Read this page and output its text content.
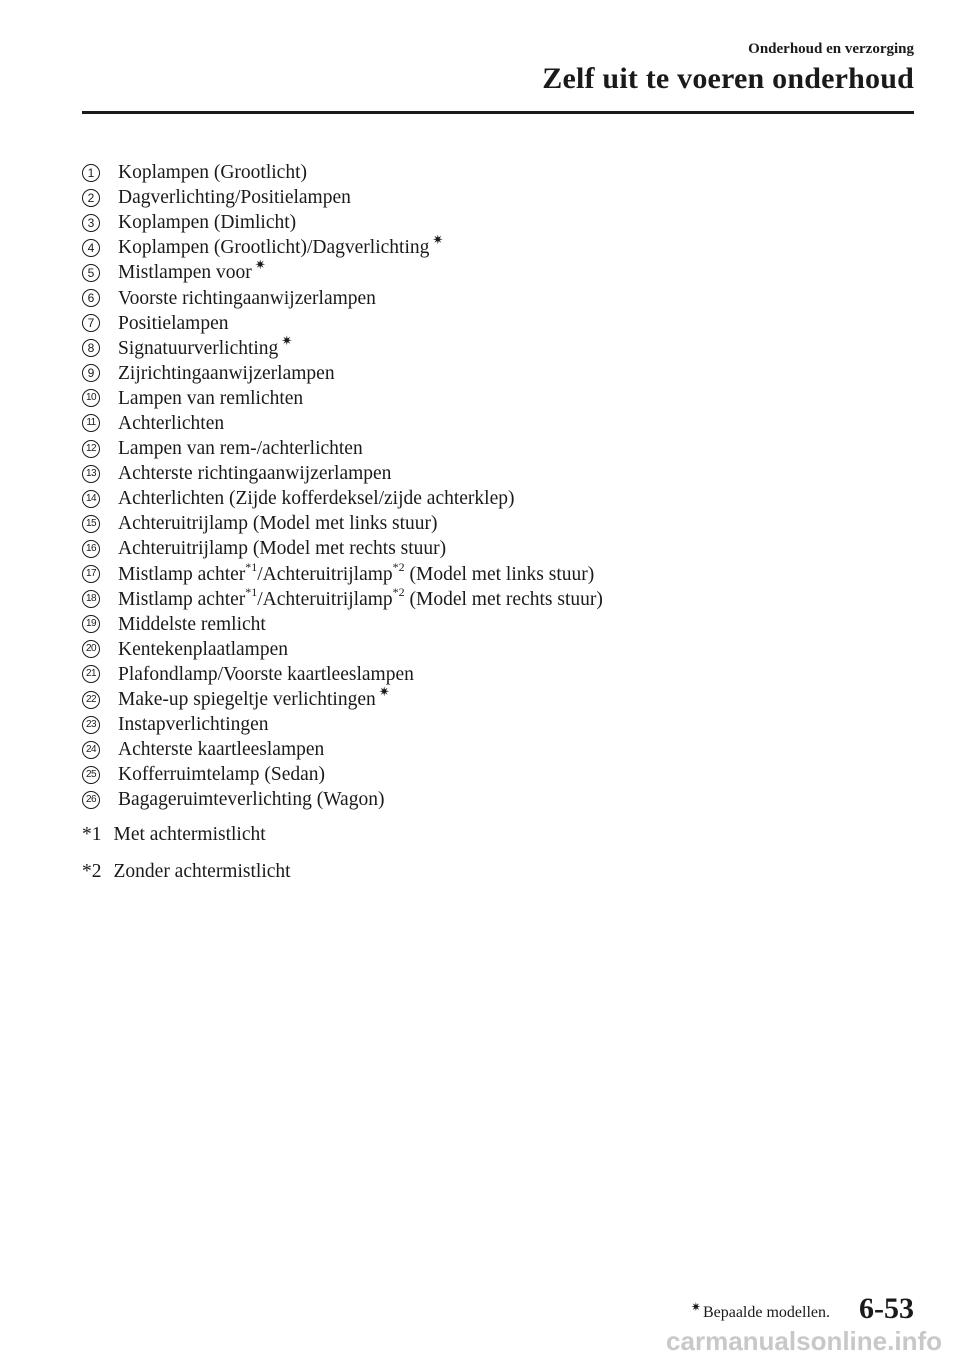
Onderhoud en verzorging
Zelf uit te voeren onderhoud
1 Koplampen (Grootlicht)
2 Dagverlichting/Positielampen
3 Koplampen (Dimlicht)
4 Koplampen (Grootlicht)/Dagverlichting ✷
5 Mistlampen voor ✷
6 Voorste richtingaanwijzerlampen
7 Positielampen
8 Signatuurverlichting ✷
9 Zijrichtingaanwijzerlampen
10 Lampen van remlichten
11 Achterlichten
12 Lampen van rem-/achterlichten
13 Achterste richtingaanwijzerlampen
14 Achterlichten (Zijde kofferdeksel/zijde achterklep)
15 Achteruitrijlamp (Model met links stuur)
16 Achteruitrijlamp (Model met rechts stuur)
17 Mistlamp achter$^{*1}$/Achteruitrijlamp$^{*2}$ (Model met links stuur)
18 Mistlamp achter$^{*1}$/Achteruitrijlamp$^{*2}$ (Model met rechts stuur)
19 Middelste remlicht
20 Kentekenplaatlampen
21 Plafondlamp/Voorste kaartleeslampen
22 Make-up spiegeltje verlichtingen ✷
23 Instapverlichtingen
24 Achterste kaartleeslampen
25 Kofferruimtelamp (Sedan)
26 Bagageruimteverlichting (Wagon)
*1 Met achtermistlicht
*2 Zonder achtermistlicht
✷ Bepaalde modellen. 6-53
carmanualsonline.info
